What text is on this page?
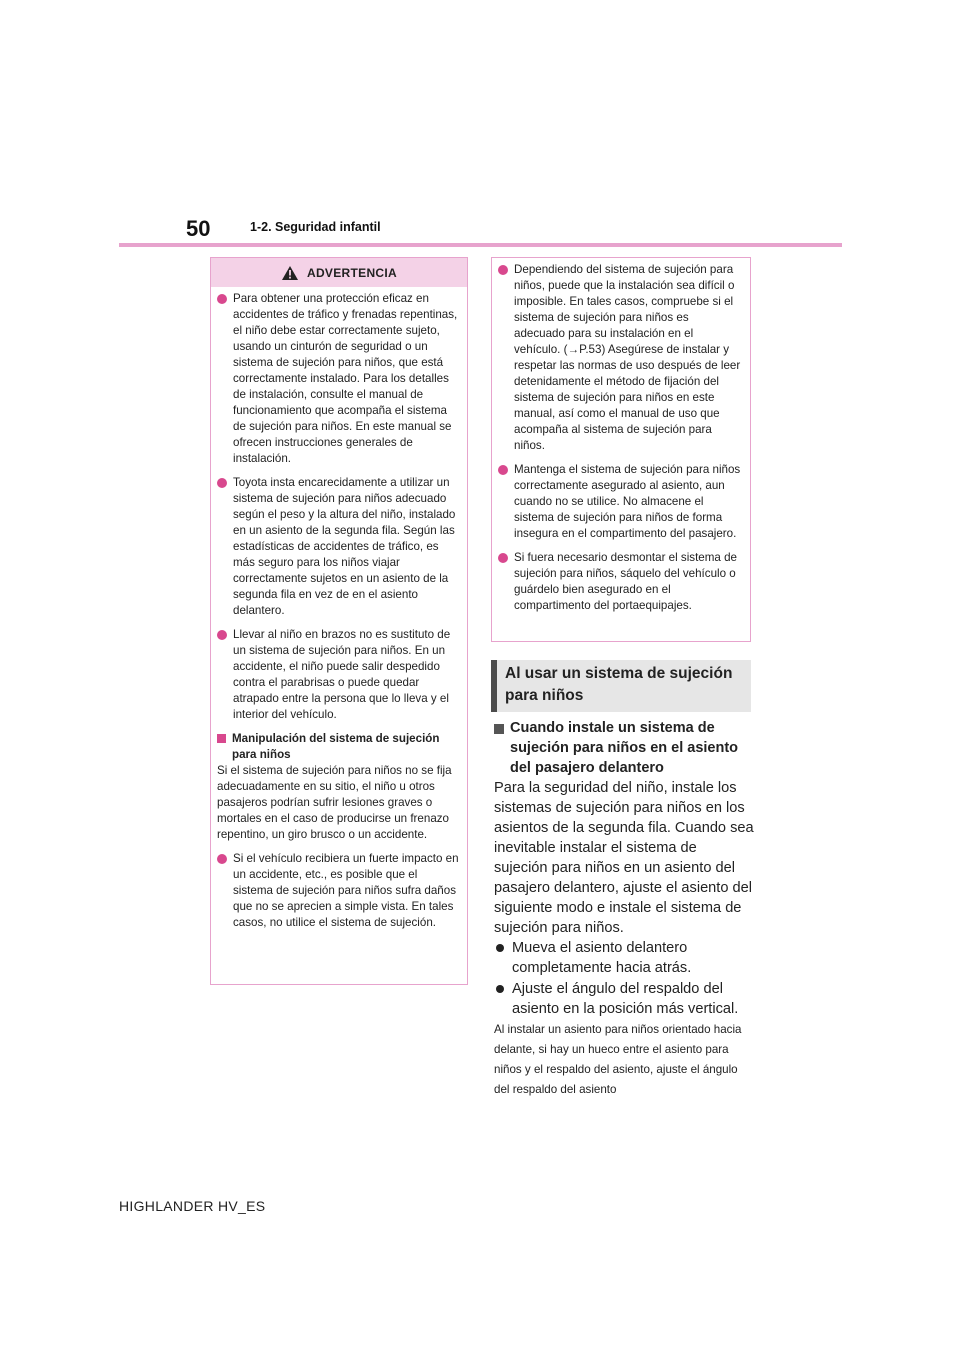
50	1-2. Seguridad infantil
ADVERTENCIA
Para obtener una protección eficaz en accidentes de tráfico y frenadas repentinas, el niño debe estar correctamente sujeto, usando un cinturón de seguridad o un sistema de sujeción para niños, que está correctamente instalado. Para los detalles de instalación, consulte el manual de funcionamiento que acompaña el sistema de sujeción para niños. En este manual se ofrecen instrucciones generales de instalación.
Toyota insta encarecidamente a utilizar un sistema de sujeción para niños adecuado según el peso y la altura del niño, instalado en un asiento de la segunda fila. Según las estadísticas de accidentes de tráfico, es más seguro para los niños viajar correctamente sujetos en un asiento de la segunda fila en vez de en el asiento delantero.
Llevar al niño en brazos no es sustituto de un sistema de sujeción para niños. En un accidente, el niño puede salir despedido contra el parabrisas o puede quedar atrapado entre la persona que lo lleva y el interior del vehículo.
Manipulación del sistema de sujeción para niños

Si el sistema de sujeción para niños no se fija adecuadamente en su sitio, el niño u otros pasajeros podrían sufrir lesiones graves o mortales en el caso de producirse un frenazo repentino, un giro brusco o un accidente.

Si el vehículo recibiera un fuerte impacto en un accidente, etc., es posible que el sistema de sujeción para niños sufra daños que no se aprecien a simple vista. En tales casos, no utilice el sistema de sujeción.
Dependiendo del sistema de sujeción para niños, puede que la instalación sea difícil o imposible. En tales casos, compruebe si el sistema de sujeción para niños es adecuado para su instalación en el vehículo. (→P.53) Asegúrese de instalar y respetar las normas de uso después de leer detenidamente el método de fijación del sistema de sujeción para niños en este manual, así como el manual de uso que acompaña al sistema de sujeción para niños.
Mantenga el sistema de sujeción para niños correctamente asegurado al asiento, aun cuando no se utilice. No almacene el sistema de sujeción para niños de forma insegura en el compartimento del pasajero.
Si fuera necesario desmontar el sistema de sujeción para niños, sáquelo del vehículo o guárdelo bien asegurado en el compartimento del portaequipajes.
Al usar un sistema de sujeción para niños
Cuando instale un sistema de sujeción para niños en el asiento del pasajero delantero

Para la seguridad del niño, instale los sistemas de sujeción para niños en los asientos de la segunda fila. Cuando sea inevitable instalar el sistema de sujeción para niños en un asiento del pasajero delantero, ajuste el asiento del siguiente modo e instale el sistema de sujeción para niños.

Mueva el asiento delantero completamente hacia atrás.
Ajuste el ángulo del respaldo del asiento en la posición más vertical.

Al instalar un asiento para niños orientado hacia delante, si hay un hueco entre el asiento para niños y el respaldo del asiento, ajuste el ángulo del respaldo del asiento

HIGHLANDER HV_ES
